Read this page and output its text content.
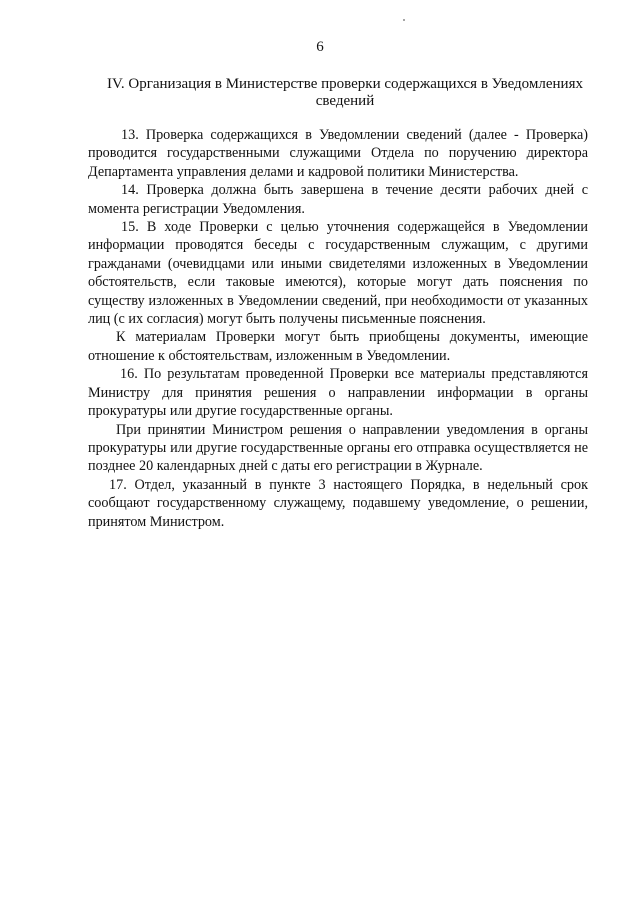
6
IV. Организация в Министерстве проверки содержащихся в Уведомлениях сведений

13. Проверка содержащихся в Уведомлении сведений (далее - Проверка) проводится государственными служащими Отдела по поручению директора Департамента управления делами и кадровой политики Министерства.

14. Проверка должна быть завершена в течение десяти рабочих дней с момента регистрации Уведомления.

15. В ходе Проверки с целью уточнения содержащейся в Уведомлении информации проводятся беседы с государственным служащим, с другими гражданами (очевидцами или иными свидетелями изложенных в Уведомлении обстоятельств, если таковые имеются), которые могут дать пояснения по существу изложенных в Уведомлении сведений, при необходимости от указанных лиц (с их согласия) могут быть получены письменные пояснения.

К материалам Проверки могут быть приобщены документы, имеющие отношение к обстоятельствам, изложенным в Уведомлении.

16. По результатам проведенной Проверки все материалы представляются Министру для принятия решения о направлении информации в органы прокуратуры или другие государственные органы.

При принятии Министром решения о направлении уведомления в органы прокуратуры или другие государственные органы его отправка осуществляется не позднее 20 календарных дней с даты его регистрации в Журнале.

17. Отдел, указанный в пункте 3 настоящего Порядка, в недельный срок сообщают государственному служащему, подавшему уведомление, о решении, принятом Министром.
